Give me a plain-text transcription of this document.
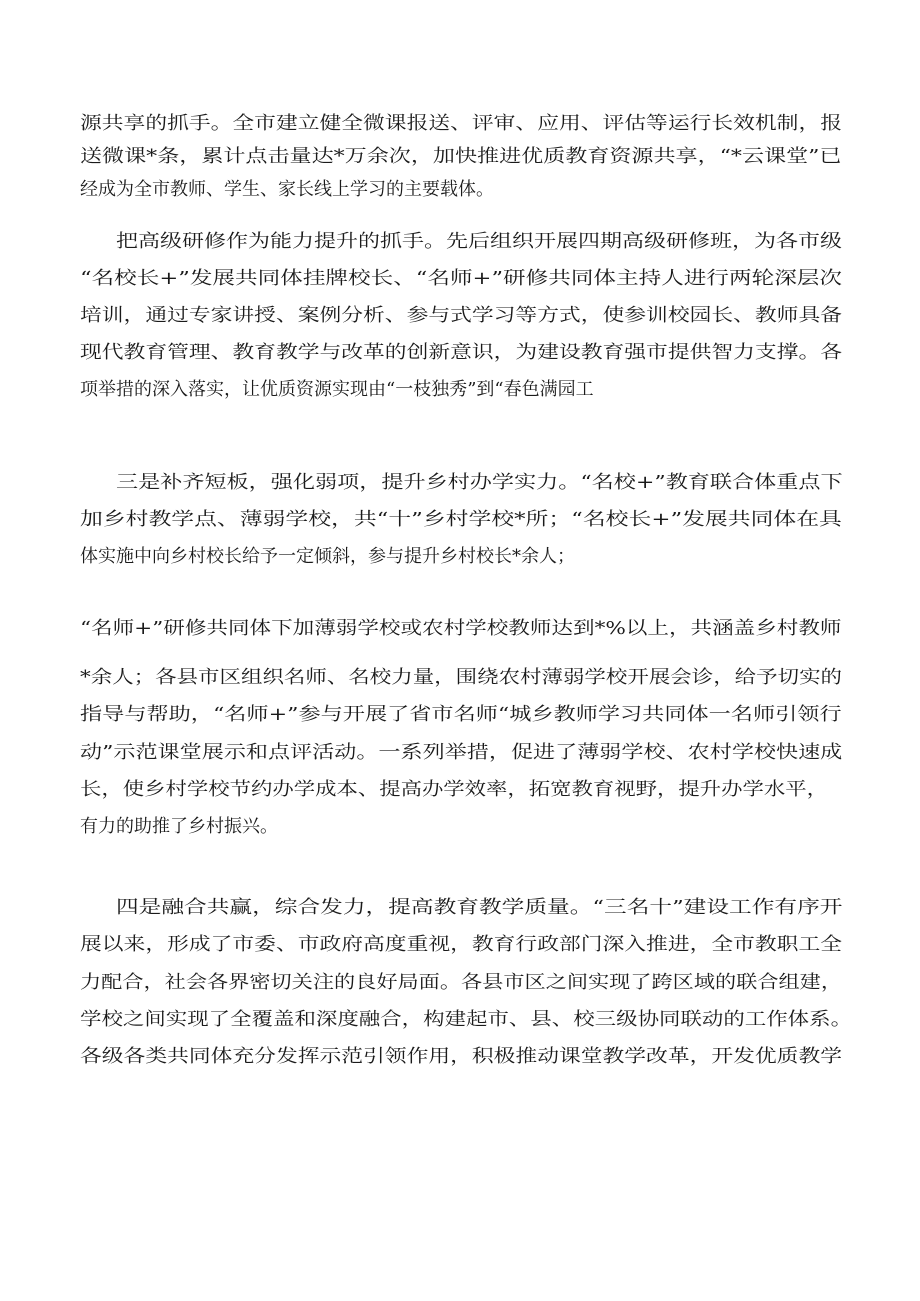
源共享的抓手。全市建立健全微课报送、评审、应用、评估等运行长效机制，报
送微课*条，累计点击量达*万余次，加快推进优质教育资源共享，“*云课堂”已
经成为全市教师、学生、家长线上学习的主要载体。
把高级研修作为能力提升的抓手。先后组织开展四期高级研修班，为各市级
“名校长+”发展共同体挂牌校长、“名师+”研修共同体主持人进行两轮深层次
培训，通过专家讲授、案例分析、参与式学习等方式，使参训校园长、教师具备
现代教育管理、教育教学与改革的创新意识，为建设教育强市提供智力支撑。各
项举措的深入落实，让优质资源实现由“一枝独秀”到“春色满园工
三是补齐短板，强化弱项，提升乡村办学实力。“名校+”教育联合体重点下
加乡村教学点、薄弱学校，共“十”乡村学校*所；“名校长+”发展共同体在具
体实施中向乡村校长给予一定倾斜，参与提升乡村校长*余人；
“名师+”研修共同体下加薄弱学校或农村学校教师达到*%以上，共涵盖乡村教师
*余人；各县市区组织名师、名校力量，围绕农村薄弱学校开展会诊，给予切实的
指导与帮助，“名师+”参与开展了省市名师“城乡教师学习共同体一名师引领行
动”示范课堂展示和点评活动。一系列举措，促进了薄弱学校、农村学校快速成
长，使乡村学校节约办学成本、提高办学效率，拓宽教育视野，提升办学水平，
有力的助推了乡村振兴。
四是融合共赢，综合发力，提高教育教学质量。“三名十”建设工作有序开
展以来，形成了市委、市政府高度重视，教育行政部门深入推进，全市教职工全
力配合，社会各界密切关注的良好局面。各县市区之间实现了跨区域的联合组建，
学校之间实现了全覆盖和深度融合，构建起市、县、校三级协同联动的工作体系。
各级各类共同体充分发挥示范引领作用，积极推动课堂教学改革，开发优质教学
